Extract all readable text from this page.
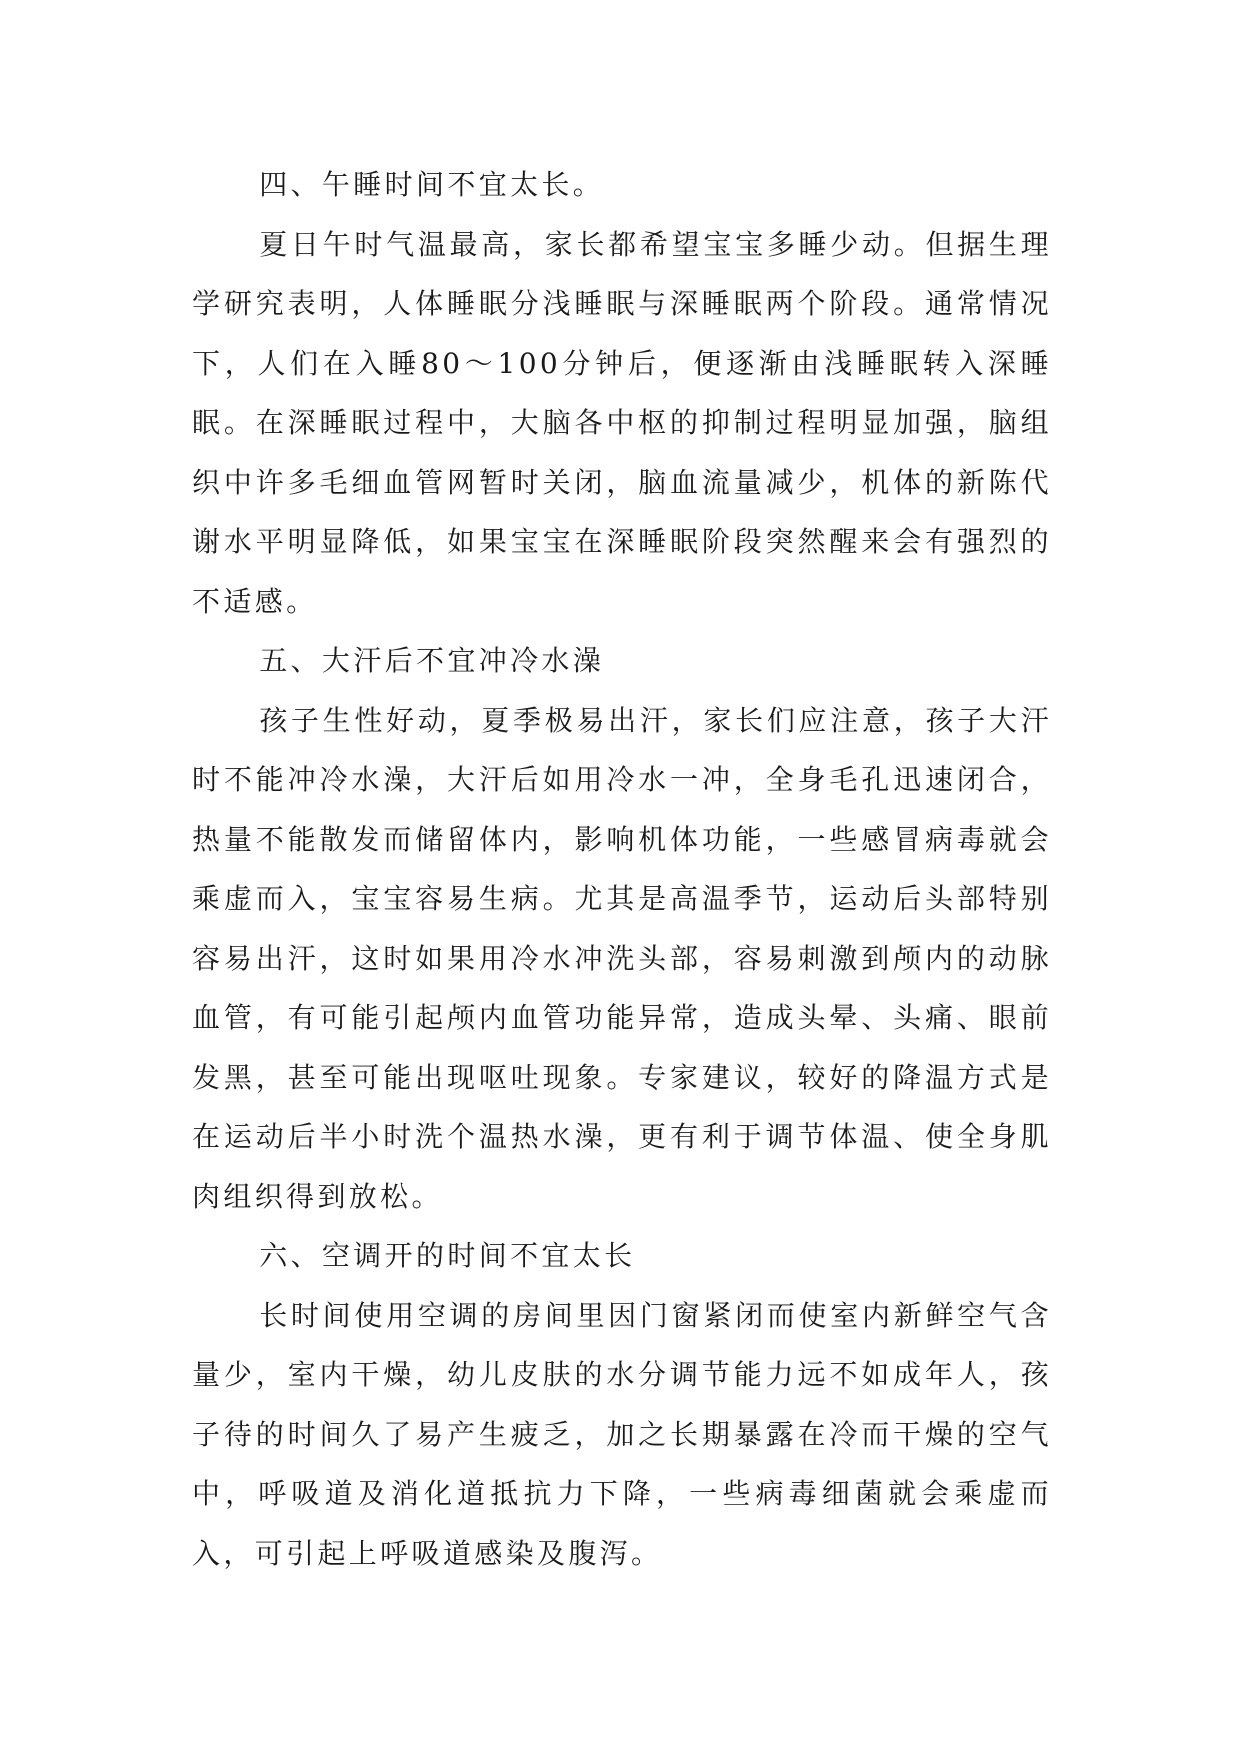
四、午睡时间不宜太长。

夏日午时气温最高，家长都希望宝宝多睡少动。但据生理学研究表明，人体睡眠分浅睡眠与深睡眠两个阶段。通常情况下，人们在入睡80～100分钟后，便逐渐由浅睡眠转入深睡眠。在深睡眠过程中，大脑各中枢的抑制过程明显加强，脑组织中许多毛细血管网暂时关闭，脑血流量减少，机体的新陈代谢水平明显降低，如果宝宝在深睡眠阶段突然醒来会有强烈的不适感。

五、大汗后不宜冲冷水澡

孩子生性好动，夏季极易出汗，家长们应注意，孩子大汗时不能冲冷水澡，大汗后如用冷水一冲，全身毛孔迅速闭合，热量不能散发而储留体内，影响机体功能，一些感冒病毒就会乘虚而入，宝宝容易生病。尤其是高温季节，运动后头部特别容易出汗，这时如果用冷水冲洗头部，容易刺激到颅内的动脉血管，有可能引起颅内血管功能异常，造成头晕、头痛、眼前发黑，甚至可能出现呕吐现象。专家建议，较好的降温方式是在运动后半小时洗个温热水澡，更有利于调节体温、使全身肌肉组织得到放松。

六、空调开的时间不宜太长

长时间使用空调的房间里因门窗紧闭而使室内新鲜空气含量少，室内干燥，幼儿皮肤的水分调节能力远不如成年人，孩子待的时间久了易产生疲乏，加之长期暴露在冷而干燥的空气中，呼吸道及消化道抵抗力下降，一些病毒细菌就会乘虚而入，可引起上呼吸道感染及腹泻。
